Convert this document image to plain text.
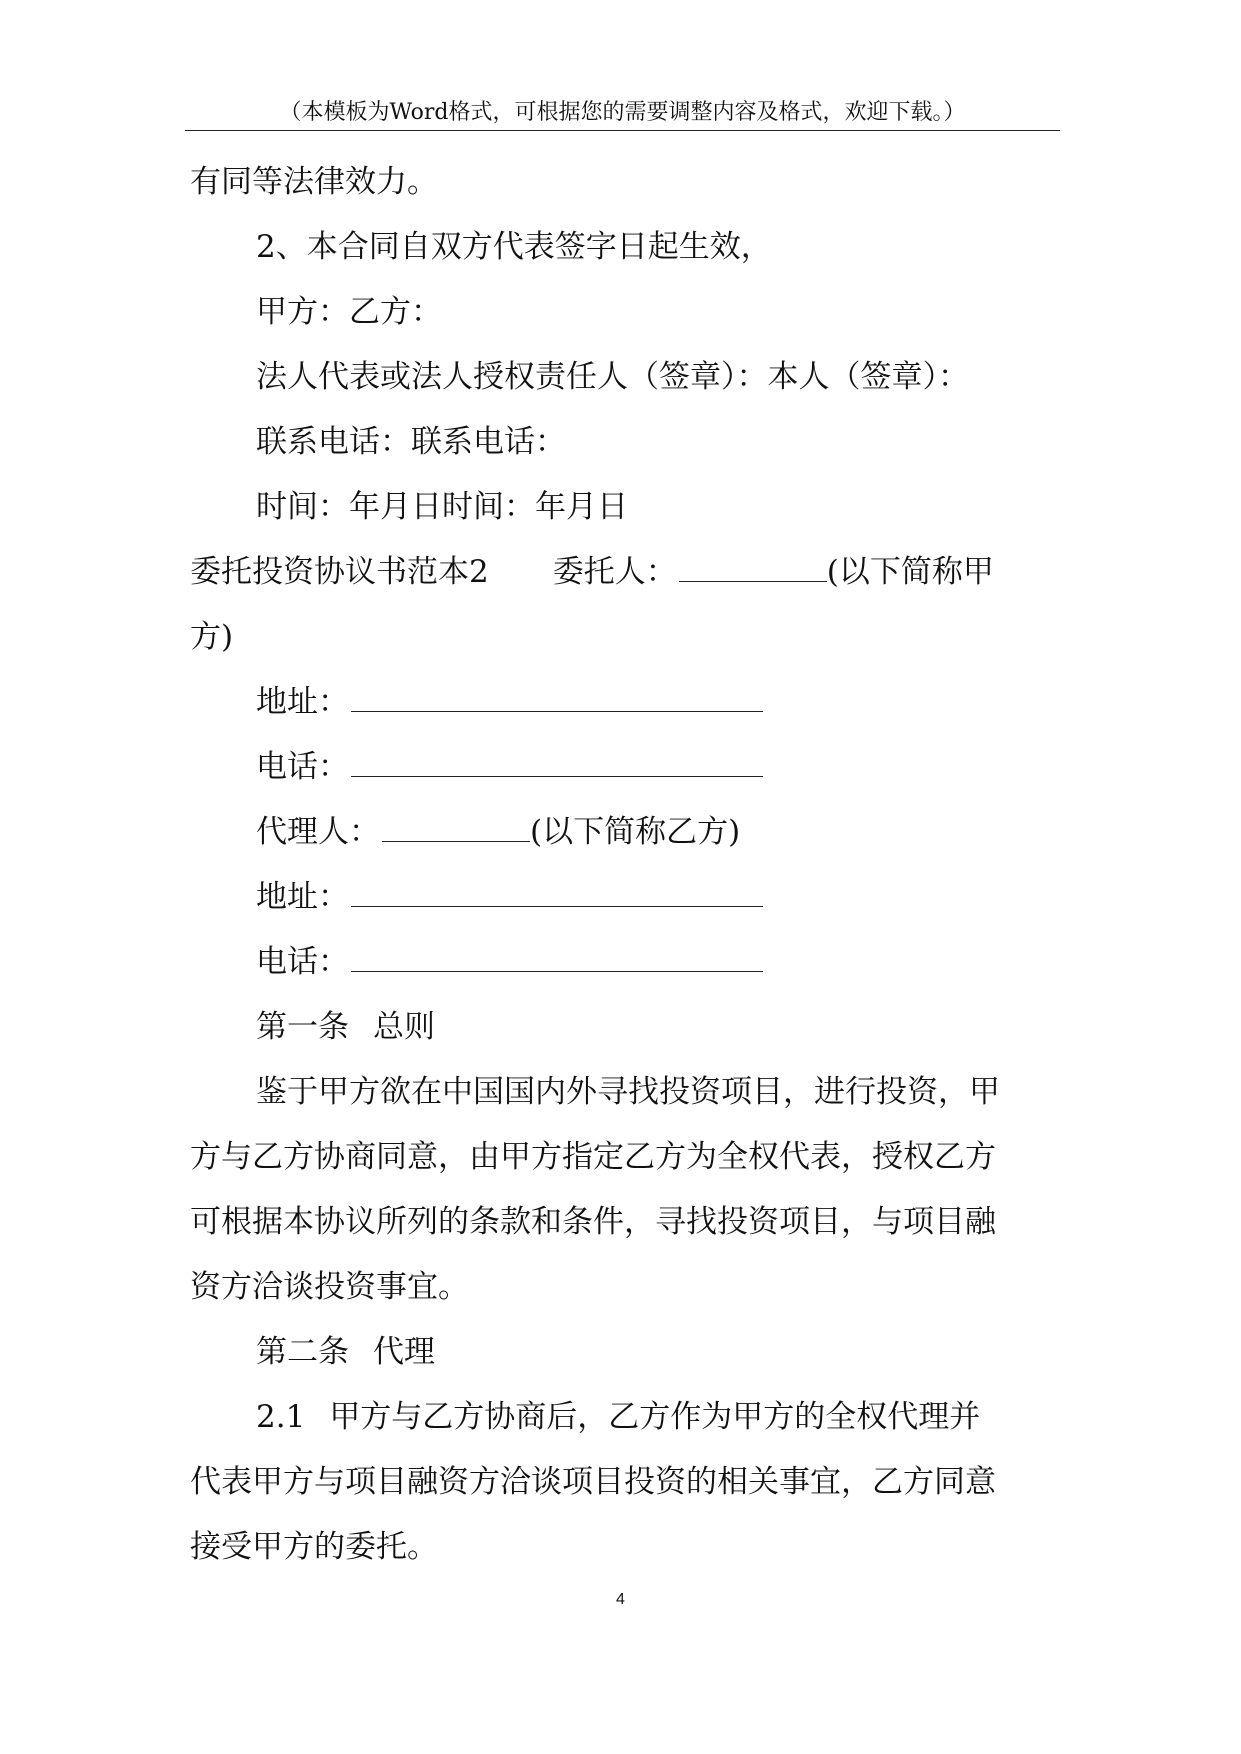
（本模板为Word格式，可根据您的需要调整内容及格式，欢迎下载。）
有同等法律效力。
2、本合同自双方代表签字日起生效，
甲方：乙方：
法人代表或法人授权责任人（签章）：本人（签章）：
联系电话：联系电话：
时间：年月日时间：年月日
委托投资协议书范本2 委托人：	(以下简称甲
方)
地址：
电话：
代理人：	(以下简称乙方)
地址：
电话：
第一条 总则
鉴于甲方欲在中国国内外寻找投资项目，进行投资，甲
方与乙方协商同意，由甲方指定乙方为全权代表，授权乙方
可根据本协议所列的条款和条件，寻找投资项目，与项目融
资方洽谈投资事宜。
第二条 代理
2.1 甲方与乙方协商后，乙方作为甲方的全权代理并
代表甲方与项目融资方洽谈项目投资的相关事宜，乙方同意
接受甲方的委托。
4
